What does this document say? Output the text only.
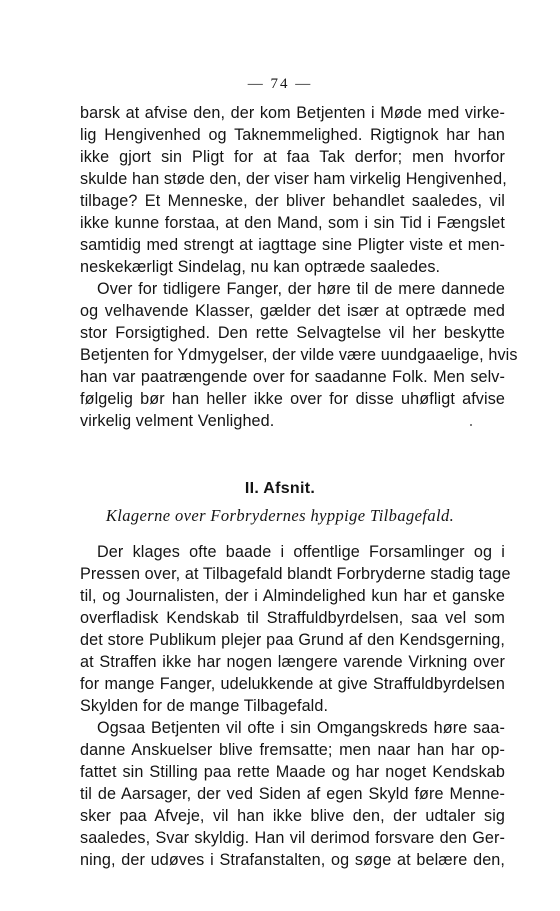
— 74 —
barsk at afvise den, der kom Betjenten i Møde med virke-
lig Hengivenhed og Taknemmelighed. Rigtignok har han
ikke gjort sin Pligt for at faa Tak derfor; men hvorfor
skulde han støde den, der viser ham virkelig Hengivenhed,
tilbage? Et Menneske, der bliver behandlet saaledes, vil
ikke kunne forstaa, at den Mand, som i sin Tid i Fængslet
samtidig med strengt at iagttage sine Pligter viste et men-
neskekærligt Sindelag, nu kan optræde saaledes.
Over for tidligere Fanger, der høre til de mere dannede
og velhavende Klasser, gælder det især at optræde med
stor Forsigtighed. Den rette Selvagtelse vil her beskytte
Betjenten for Ydmygelser, der vilde være uundgaaelige, hvis
han var paatrængende over for saadanne Folk. Men selv-
følgelig bør han heller ikke over for disse uhøfligt afvise
virkelig velment Venlighed.
II. Afsnit.
Klagerne over Forbrydernes hyppige Tilbagefald.
Der klages ofte baade i offentlige Forsamlinger og i
Pressen over, at Tilbagefald blandt Forbryderne stadig tage
til, og Journalisten, der i Almindelighed kun har et ganske
overfladisk Kendskab til Straffuldbyrdelsen, saa vel som
det store Publikum plejer paa Grund af den Kendsgerning,
at Straffen ikke har nogen længere varende Virkning over
for mange Fanger, udelukkende at give Straffuldbyrdelsen
Skylden for de mange Tilbagefald.
Ogsaa Betjenten vil ofte i sin Omgangskreds høre saa-
danne Anskuelser blive fremsatte; men naar han har op-
fattet sin Stilling paa rette Maade og har noget Kendskab
til de Aarsager, der ved Siden af egen Skyld føre Menne-
sker paa Afveje, vil han ikke blive den, der udtaler sig
saaledes, Svar skyldig. Han vil derimod forsvare den Ger-
ning, der udøves i Strafanstalten, og søge at belære den,
